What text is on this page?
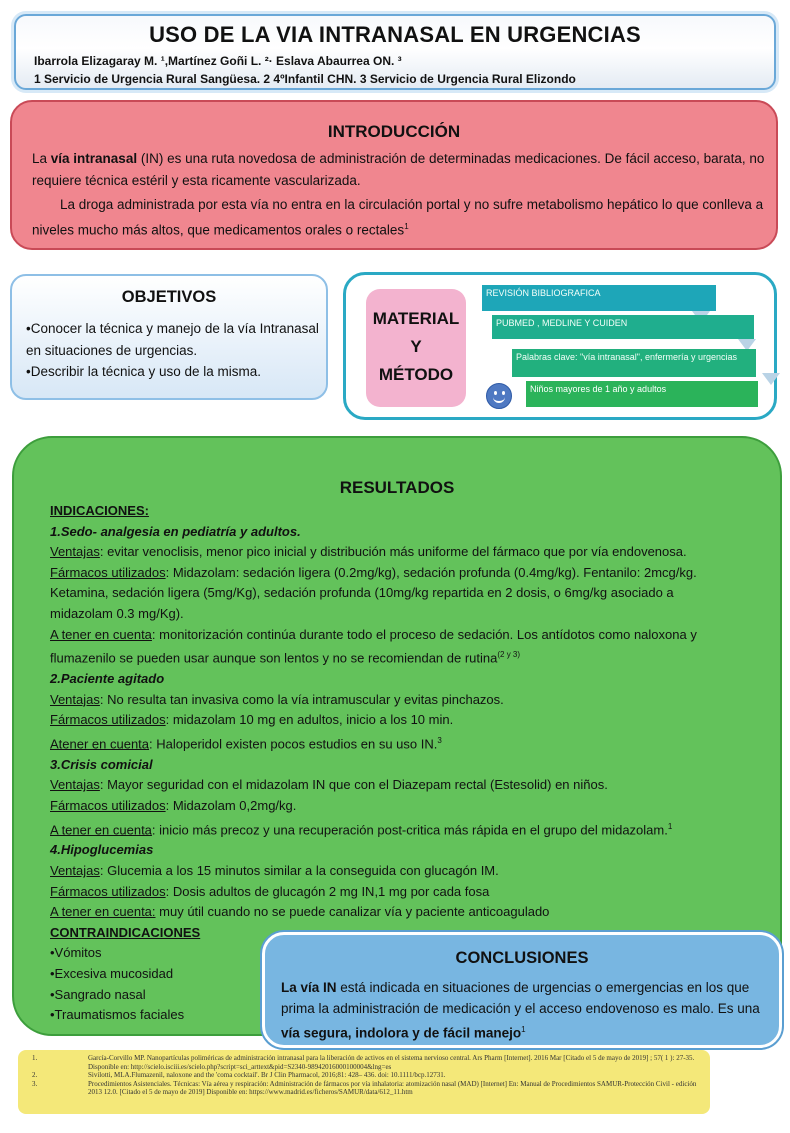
USO DE LA VIA INTRANASAL EN URGENCIAS
Ibarrola Elizagaray M. ¹,Martínez Goñi L. ²· Eslava Abaurrea ON. ³
1 Servicio de Urgencia Rural Sangüesa. 2 4ºInfantil CHN. 3 Servicio de Urgencia Rural Elizondo
INTRODUCCIÓN

La vía intranasal (IN) es una ruta novedosa de administración de determinadas medicaciones. De fácil acceso, barata, no requiere técnica estéril y esta ricamente vascularizada.

La droga administrada por esta vía no entra en la circulación portal y no sufre metabolismo hepático lo que conlleva a niveles mucho más altos, que medicamentos orales o rectales$^1$

OBJETIVOS
•Conocer la técnica y manejo de la vía Intranasal en situaciones de urgencias.
•Describir la técnica y uso de la misma.
MATERIAL
Y
MÉTODO
REVISIÓN BIBLIOGRAFICA
PUBMED , MEDLINE Y CUIDEN
Palabras clave: "vía intranasal", enfermería y urgencias
Niños mayores de 1 año y adultos
RESULTADOS
INDICACIONES:
1.Sedo- analgesia en pediatría y adultos.
Ventajas: evitar venoclisis, menor pico inicial y distribución más uniforme del fármaco que por vía endovenosa.
Fármacos utilizados: Midazolam: sedación ligera (0.2mg/kg), sedación profunda (0.4mg/kg). Fentanilo: 2mcg/kg.
Ketamina, sedación ligera (5mg/Kg), sedación profunda (10mg/kg repartida en 2 dosis, o 6mg/kg asociado a
midazolam 0.3 mg/Kg).
A tener en cuenta: monitorización continúa durante todo el proceso de sedación. Los antídotos como naloxona y
flumazenilo se pueden usar aunque son lentos y no se recomiendan de rutina$^{(2 y 3)}$
2.Paciente agitado
Ventajas: No resulta tan invasiva como la vía intramuscular y evitas pinchazos.
Fármacos utilizados: midazolam 10 mg en adultos, inicio a los 10 min.
Atener en cuenta: Haloperidol existen pocos estudios en su uso IN.$^3$
3.Crisis comicial
Ventajas: Mayor seguridad con el midazolam IN que con el Diazepam rectal (Estesolid) en niños.
Fármacos utilizados: Midazolam 0,2mg/kg.
A tener en cuenta: inicio más precoz y una recuperación post-critica más rápida en el grupo del midazolam.$^1$
4.Hipoglucemias
Ventajas: Glucemia a los 15 minutos similar a la conseguida con glucagón IM.
Fármacos utilizados: Dosis adultos de glucagón 2 mg IN,1 mg por cada fosa
A tener en cuenta: muy útil cuando no se puede canalizar vía y paciente anticoagulado
CONTRAINDICACIONES
•Vómitos
•Excesiva mucosidad
•Sangrado nasal
•Traumatismos faciales
CONCLUSIONES
La vía IN está indicada en situaciones de urgencias o emergencias en los que prima la administración de medicación y el acceso endovenoso es malo. Es una vía segura, indolora y de fácil manejo$^1$
1.	García-Corvillo MP. Nanopartículas poliméricas de administración intranasal para la liberación de activos en el sistema nervioso central. Ars Pharm [Internet]. 2016 Mar [Citado el 5 de mayo de 2019] ; 57( 1 ): 27-35. Disponible en: http://scielo.isciii.es/scielo.php?script=sci_arttext&pid=S2340-98942016000100004&lng=es
2.	Sivilotti, MLA.Flumazenil, naloxone and the 'coma cocktail'. Br J Clin Pharmacol, 2016;81: 428– 436. doi: 10.1111/bcp.12731.
3.	Procedimientos Asistenciales. Técnicas: Vía aérea y respiración: Administración de fármacos por vía inhalatoria: atomización nasal (MAD) [Internet] En: Manual de Procedimientos SAMUR-Protección Civil - edición 2013 12.0. [Citado el 5 de mayo de 2019] Disponible en: https://www.madrid.es/ficheros/SAMUR/data/612_11.htm
